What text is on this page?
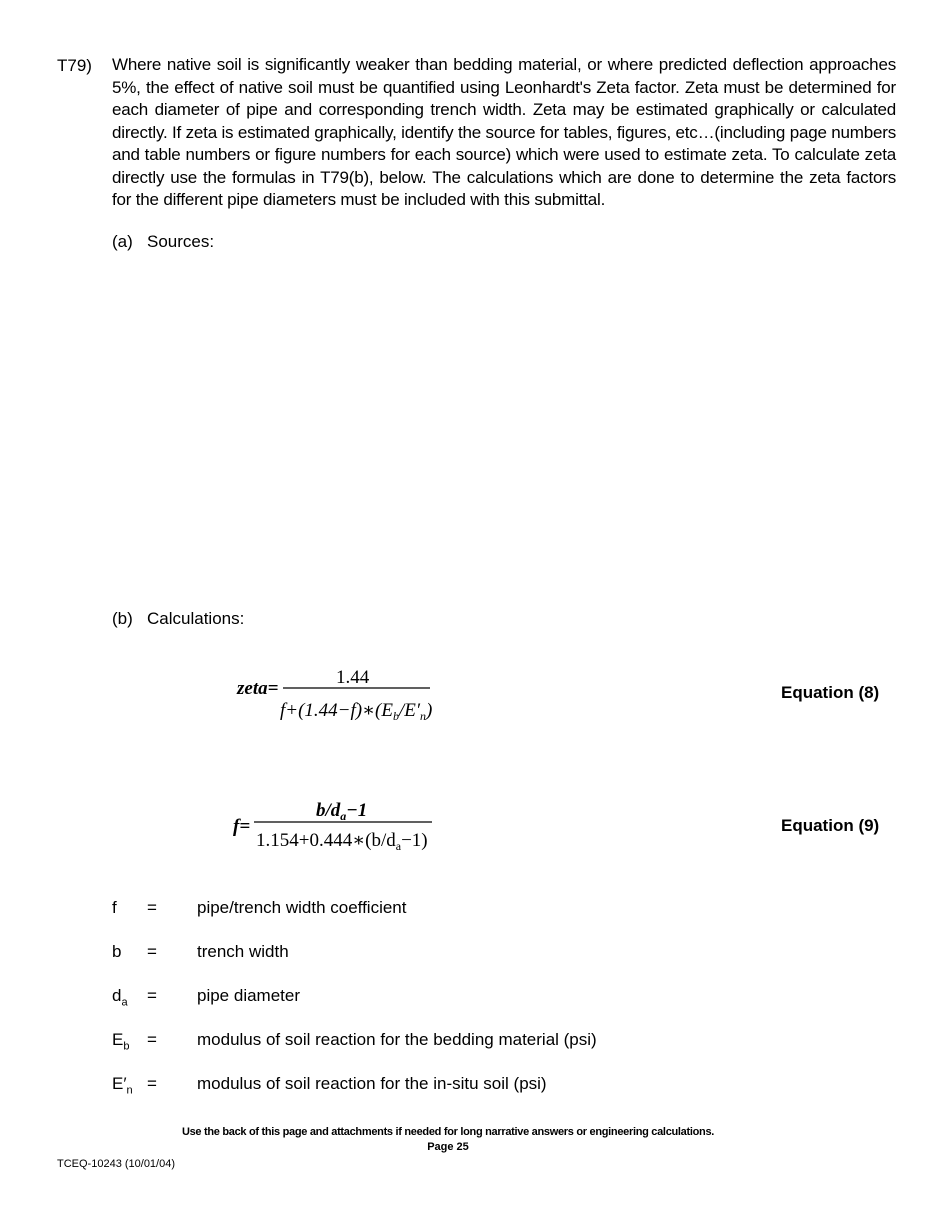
T79) Where native soil is significantly weaker than bedding material, or where predicted deflection approaches 5%, the effect of native soil must be quantified using Leonhardt's Zeta factor. Zeta must be determined for each diameter of pipe and corresponding trench width. Zeta may be estimated graphically or calculated directly. If zeta is estimated graphically, identify the source for tables, figures, etc…(including page numbers and table numbers or figure numbers for each source) which were used to estimate zeta. To calculate zeta directly use the formulas in T79(b), below. The calculations which are done to determine the zeta factors for the different pipe diameters must be included with this submittal.
(a) Sources:
(b) Calculations:
zeta=
1.44
$f+(1.44-f)∗(E_b/E'_n)$
Equation (8)
f=
$b/d_a-1$
$1.154+0.444∗(b/d_a-1)$
Equation (9)
f = pipe/trench width coefficient
b = trench width
$d_a$ = pipe diameter
$E_b$ = modulus of soil reaction for the bedding material (psi)
$E'_n$ = modulus of soil reaction for the in-situ soil (psi)
Use the back of this page and attachments if needed for long narrative answers or engineering calculations.
Page 25
TCEQ-10243 (10/01/04)
